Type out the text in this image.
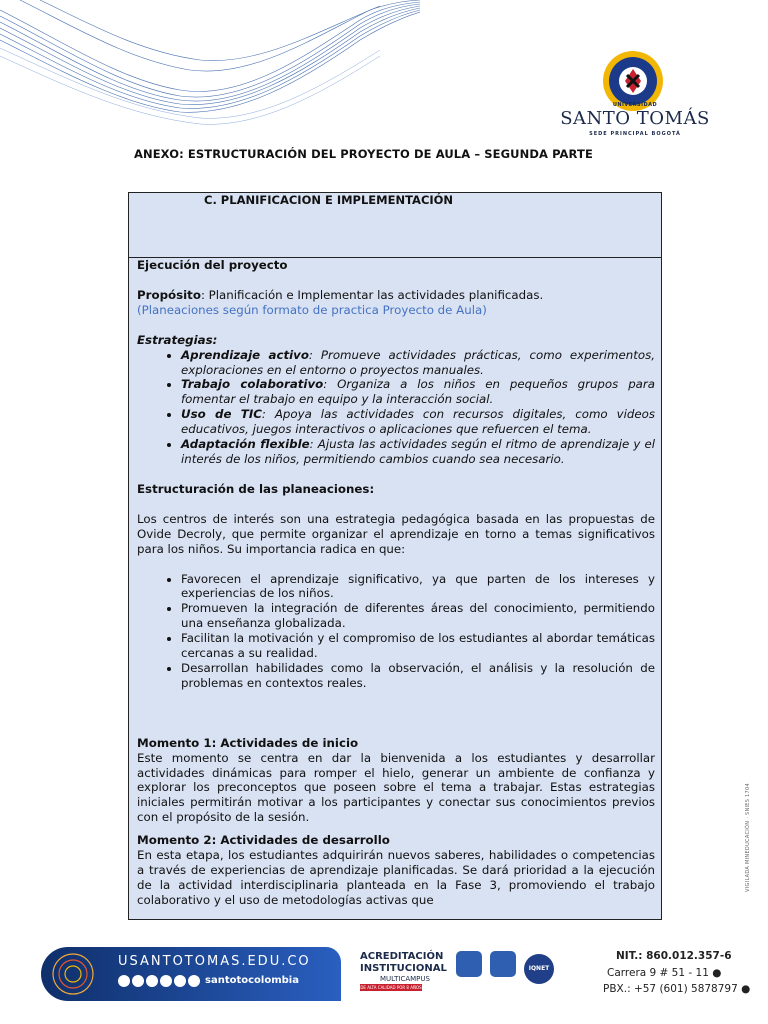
UNIVERSIDAD
SANTO TOMÁS
SEDE PRINCIPAL BOGOTÁ
ANEXO: ESTRUCTURACIÓN DEL PROYECTO DE AULA – SEGUNDA PARTE
C. PLANIFICACION E IMPLEMENTACIÓN

Ejecución del proyecto

Propósito: Planificación e Implementar las actividades planificadas.

(Planeaciones según formato de practica Proyecto de Aula)

Estrategias:

• Aprendizaje activo: Promueve actividades prácticas, como experimentos, exploraciones en el entorno o proyectos manuales.
• Trabajo colaborativo: Organiza a los niños en pequeños grupos para fomentar el trabajo en equipo y la interacción social.
• Uso de TIC: Apoya las actividades con recursos digitales, como videos educativos, juegos interactivos o aplicaciones que refuercen el tema.
• Adaptación flexible: Ajusta las actividades según el ritmo de aprendizaje y el interés de los niños, permitiendo cambios cuando sea necesario.

Estructuración de las planeaciones:

Los centros de interés son una estrategia pedagógica basada en las propuestas de Ovide Decroly, que permite organizar el aprendizaje en torno a temas significativos para los niños. Su importancia radica en que:

• Favorecen el aprendizaje significativo, ya que parten de los intereses y experiencias de los niños.
• Promueven la integración de diferentes áreas del conocimiento, permitiendo una enseñanza globalizada.
• Facilitan la motivación y el compromiso de los estudiantes al abordar temáticas cercanas a su realidad.
• Desarrollan habilidades como la observación, el análisis y la resolución de problemas en contextos reales.

Momento 1: Actividades de inicio

Este momento se centra en dar la bienvenida a los estudiantes y desarrollar actividades dinámicas para romper el hielo, generar un ambiente de confianza y explorar los preconceptos que poseen sobre el tema a trabajar. Estas estrategias iniciales permitirán motivar a los participantes y conectar sus conocimientos previos con el propósito de la sesión.

Momento 2: Actividades de desarrollo

En esta etapa, los estudiantes adquirirán nuevos saberes, habilidades o competencias a través de experiencias de aprendizaje planificadas. Se dará prioridad a la ejecución de la actividad interdisciplinaria planteada en la Fase 3, promoviendo el trabajo colaborativo y el uso de metodologías activas que

VIGILADA MINEDUCACIÓN · SNIES 1704
USANTOTOMAS.EDU.CO
santotocolombia
ACREDITACIÓN
INSTITUCIONAL
MULTICAMPUS
DE ALTA CALIDAD POR 8 AÑOS
IQNET
NIT.: 860.012.357-6
Carrera 9 # 51 - 11 ●
PBX.: +57 (601) 5878797 ●
